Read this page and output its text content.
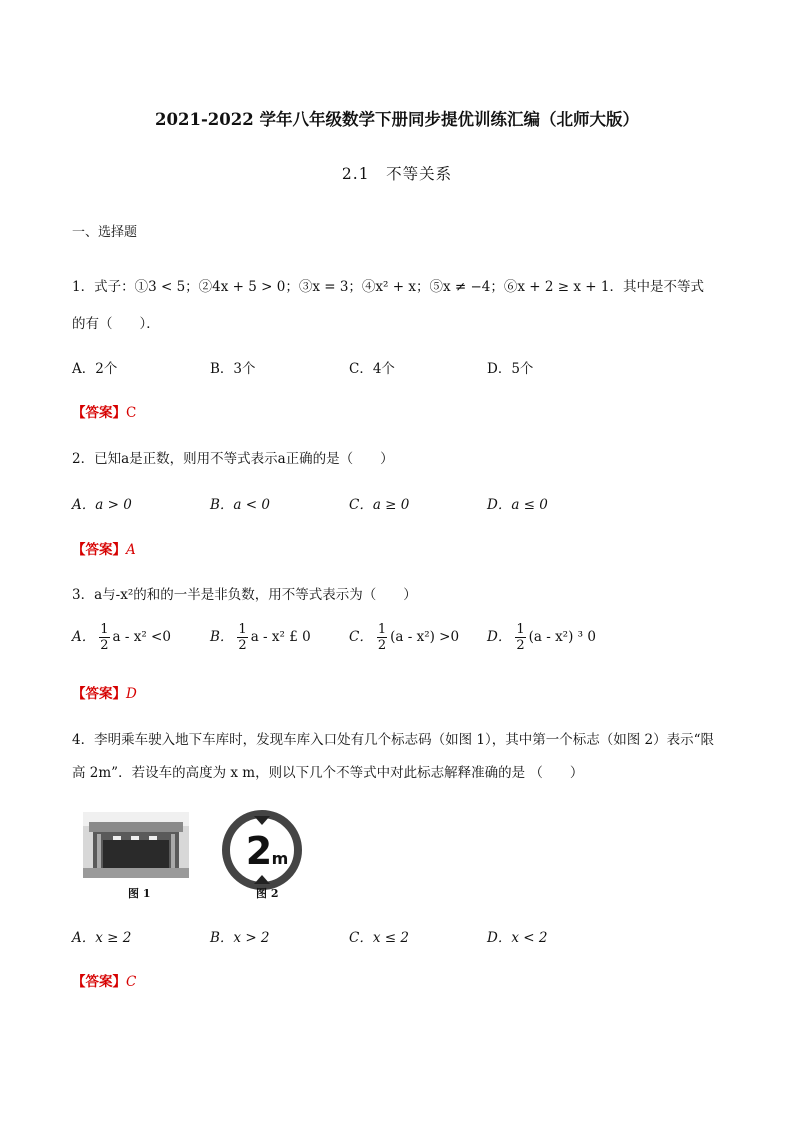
2021-2022 学年八年级数学下册同步提优训练汇编（北师大版）
2.1　不等关系
一、选择题
1．式子：①3 < 5；②4x + 5 > 0；③x = 3；④x² + x；⑤x ≠ −4；⑥x + 2 ≥ x + 1．其中是不等式
的有（　　）．
A．2个	B．3个	C．4个	D．5个
【答案】C
2．已知a是正数，则用不等式表示a正确的是（　　）
A．a > 0	B．a < 0	C．a ≥ 0	D．a ≤ 0
【答案】A
3．a与-x²的和的一半是非负数，用不等式表示为（　　）
A． $\frac{1}{2}$ a - x² <0	B． $\frac{1}{2}$ a - x² £ 0	C． $\frac{1}{2} (a - x^2) >0$ D． $\frac{1}{2} (a - x^2)$ ³ 0
【答案】D
4．李明乘车驶入地下车库时，发现车库入口处有几个标志码（如图 1），其中第一个标志（如图 2）表示“限
高 2m”．若设车的高度为 x m，则以下几个不等式中对此标志解释准确的是 （　　）
图 1
2 m
图 2
A．x ≥ 2	B．x > 2	C．x ≤ 2	D．x < 2
【答案】C
